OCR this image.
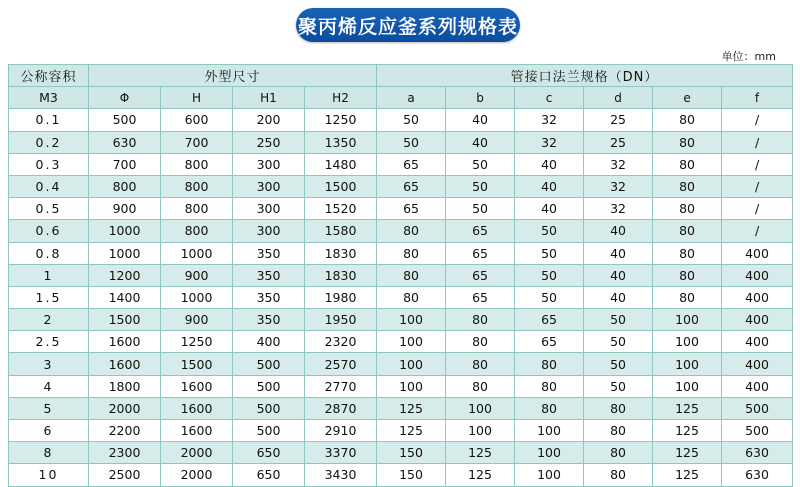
聚丙烯反应釜系列规格表
单位：mm
公称容积	外型尺寸				管接口法兰规格（DN）					
M3	Φ	H	H1	H2	a	b	c	d	e	f
0.1	500	600	200	1250	50	40	32	25	80	/
0.2	630	700	250	1350	50	40	32	25	80	/
0.3	700	800	300	1480	65	50	40	32	80	/
0.4	800	800	300	1500	65	50	40	32	80	/
0.5	900	800	300	1520	65	50	40	32	80	/
0.6	1000	800	300	1580	80	65	50	40	80	/
0.8	1000	1000	350	1830	80	65	50	40	80	400
1	1200	900	350	1830	80	65	50	40	80	400
1.5	1400	1000	350	1980	80	65	50	40	80	400
2	1500	900	350	1950	100	80	65	50	100	400
2.5	1600	1250	400	2320	100	80	65	50	100	400
3	1600	1500	500	2570	100	80	80	50	100	400
4	1800	1600	500	2770	100	80	80	50	100	400
5	2000	1600	500	2870	125	100	80	80	125	500
6	2200	1600	500	2910	125	100	100	80	125	500
8	2300	2000	650	3370	150	125	100	80	125	630
10	2500	2000	650	3430	150	125	100	80	125	630
